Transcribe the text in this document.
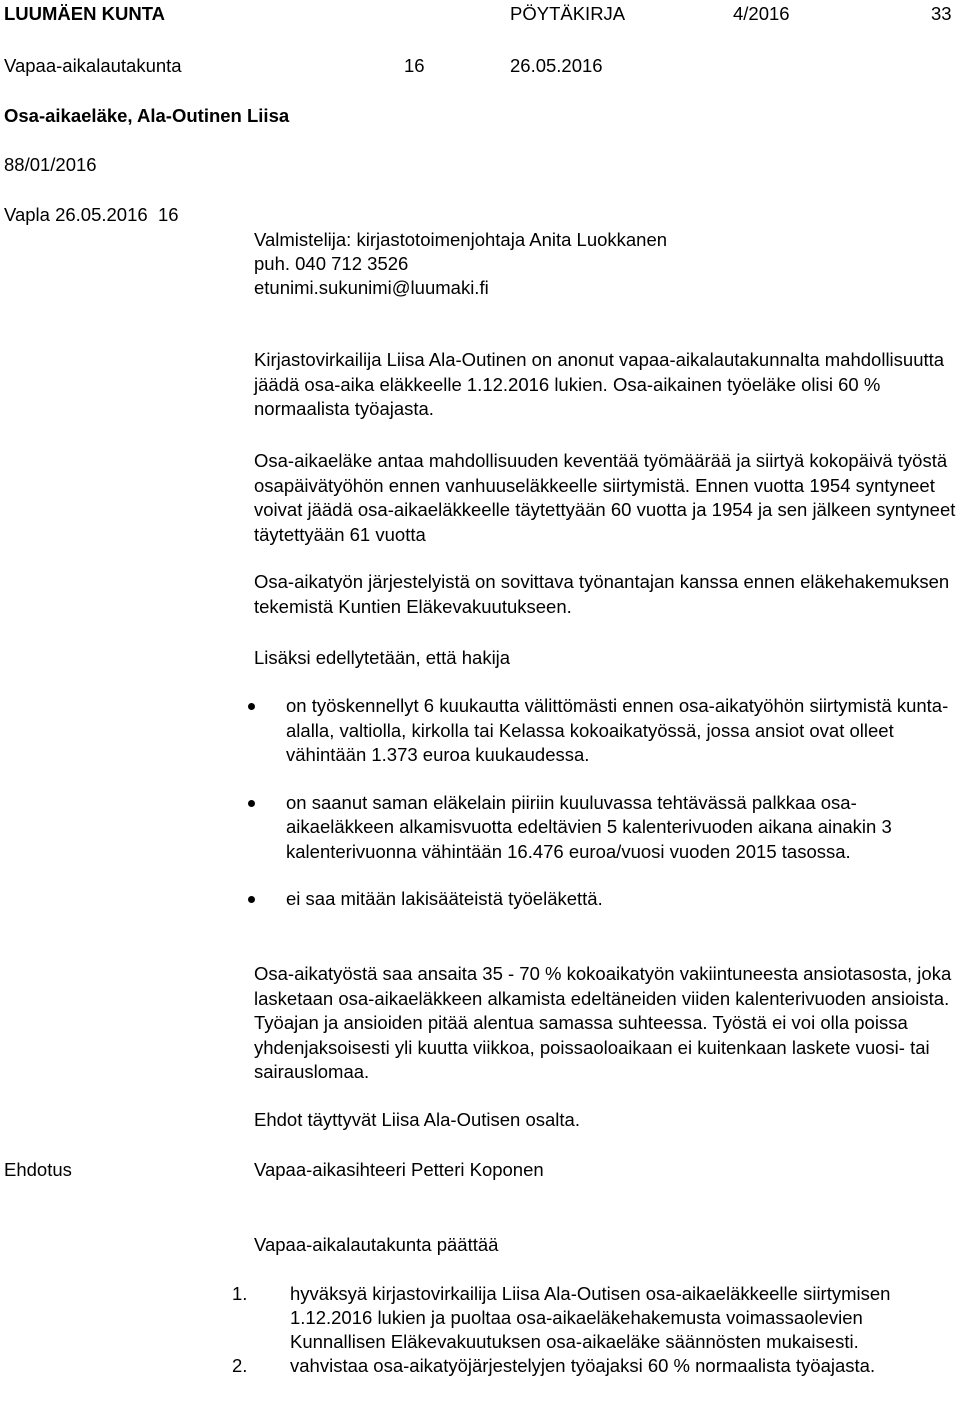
LUUMÄEN KUNTA	PÖYTÄKIRJA	4/2016	33
Vapaa-aikalautakunta	16	26.05.2016
Osa-aikaeläke, Ala-Outinen Liisa
88/01/2016
Vapla 26.05.2016  16
Valmistelija: kirjastotoimenjohtaja Anita Luokkanen
puh. 040 712 3526
etunimi.sukunimi@luumaki.fi

Kirjastovirkailija Liisa Ala-Outinen on anonut vapaa-aikalautakunnalta mahdollisuutta jäädä osa-aika eläkkeelle 1.12.2016 lukien. Osa-aikainen työeläke olisi 60 % normaalista työajasta.

Osa-aikaeläke antaa mahdollisuuden keventää työmäärää ja siirtyä kokopäivä työstä osapäivätyöhön ennen vanhuuseläkkeelle siirtymistä. Ennen vuotta 1954 syntyneet voivat jäädä osa-aikaeläkkeelle täytettyään 60 vuotta ja 1954 ja sen jälkeen syntyneet täytettyään 61 vuotta

Osa-aikatyön järjestelyistä on sovittava työnantajan kanssa ennen eläkehakemuksen tekemistä Kuntien Eläkevakuutukseen.

Lisäksi edellytetään, että hakija

on työskennellyt 6 kuukautta välittömästi ennen osa-aikatyöhön siirtymistä kunta-alalla, valtiolla, kirkolla tai Kelassa kokoaikatyössä, jossa ansiot ovat olleet vähintään 1.373 euroa kuukaudessa.
on saanut saman eläkelain piiriin kuuluvassa tehtävässä palkkaa osa-aikaeläkkeen alkamisvuotta edeltävien 5 kalenterivuoden aikana ainakin 3 kalenterivuonna vähintään 16.476 euroa/vuosi vuoden 2015 tasossa.
ei saa mitään lakisääteistä työeläkettä.

Osa-aikatyöstä saa ansaita 35 - 70 % kokoaikatyön vakiintuneesta ansiotasosta, joka lasketaan osa-aikaeläkkeen alkamista edeltäneiden viiden kalenterivuoden ansioista. Työajan ja ansioiden pitää alentua samassa suhteessa. Työstä ei voi olla poissa yhdenjaksoisesti yli kuutta viikkoa, poissaoloaikaan ei kuitenkaan laskete vuosi- tai sairauslomaa.

Ehdot täyttyvät Liisa Ala-Outisen osalta.

Ehdotus	Vapaa-aikasihteeri Petteri Koponen
Vapaa-aikalautakunta päättää
1. hyväksyä kirjastovirkailija Liisa Ala-Outisen osa-aikaeläkkeelle siirtymisen 1.12.2016 lukien ja puoltaa osa-aikaeläkehakemusta voimassaolevien Kunnallisen Eläkevakuutuksen osa-aikaeläke säännösten mukaisesti.
2. vahvistaa osa-aikatyöjärjestelyjen työajaksi 60 % normaalista työajasta.
